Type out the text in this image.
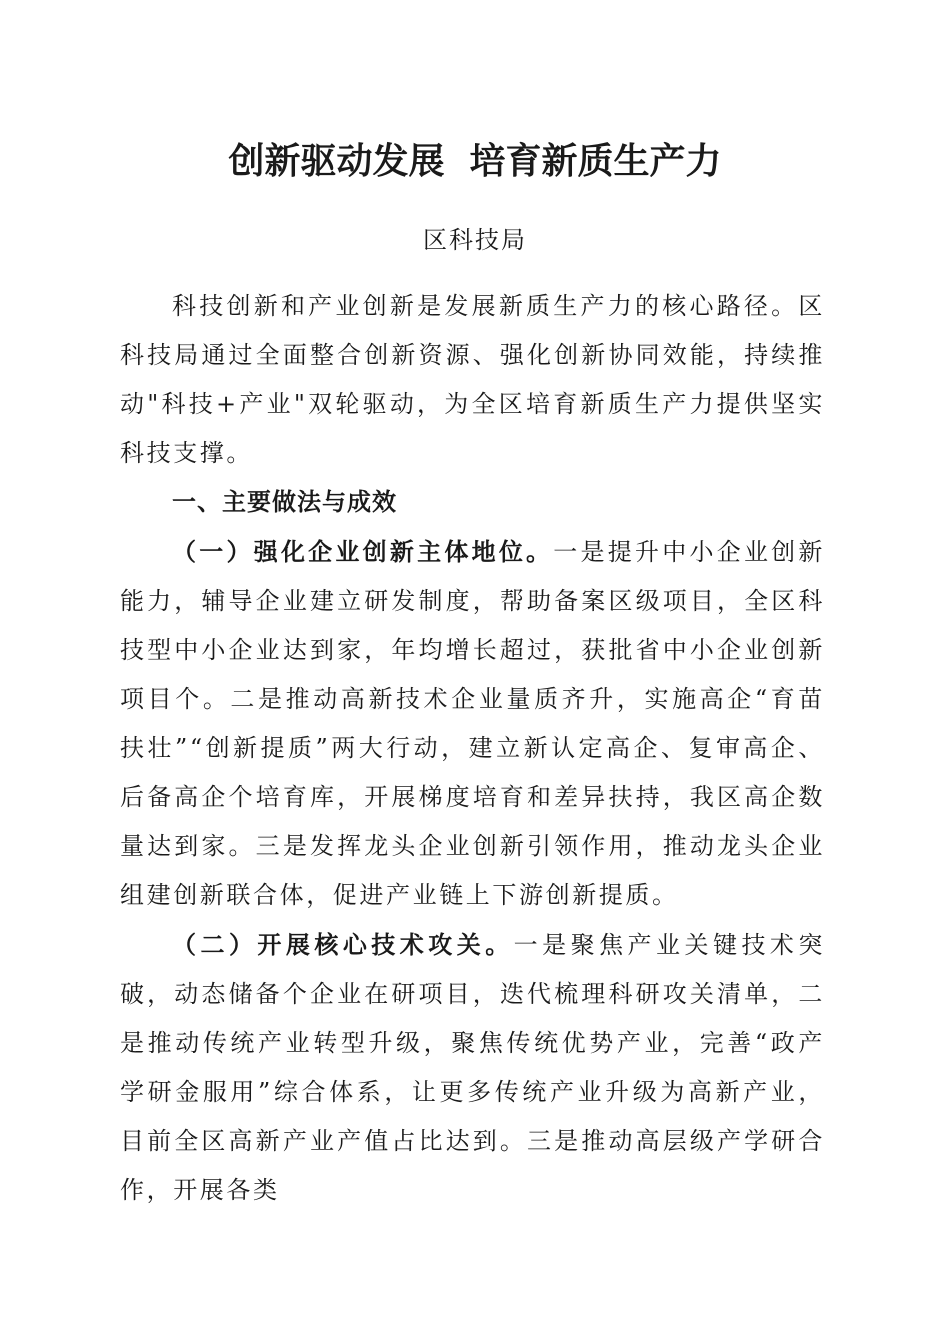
创新驱动发展  培育新质生产力
区科技局

科技创新和产业创新是发展新质生产力的核心路径。区科技局通过全面整合创新资源、强化创新协同效能，持续推动"科技+产业"双轮驱动，为全区培育新质生产力提供坚实科技支撑。

一、主要做法与成效

（一）强化企业创新主体地位。一是提升中小企业创新能力，辅导企业建立研发制度，帮助备案区级项目，全区科技型中小企业达到家，年均增长超过，获批省中小企业创新项目个。二是推动高新技术企业量质齐升，实施高企“育苗扶壮”“创新提质”两大行动，建立新认定高企、复审高企、后备高企个培育库，开展梯度培育和差异扶持，我区高企数量达到家。三是发挥龙头企业创新引领作用，推动龙头企业组建创新联合体，促进产业链上下游创新提质。

（二）开展核心技术攻关。一是聚焦产业关键技术突破，动态储备个企业在研项目，迭代梳理科研攻关清单，二是推动传统产业转型升级，聚焦传统优势产业，完善“政产学研金服用”综合体系，让更多传统产业升级为高新产业，目前全区高新产业产值占比达到。三是推动高层级产学研合作，开展各类
